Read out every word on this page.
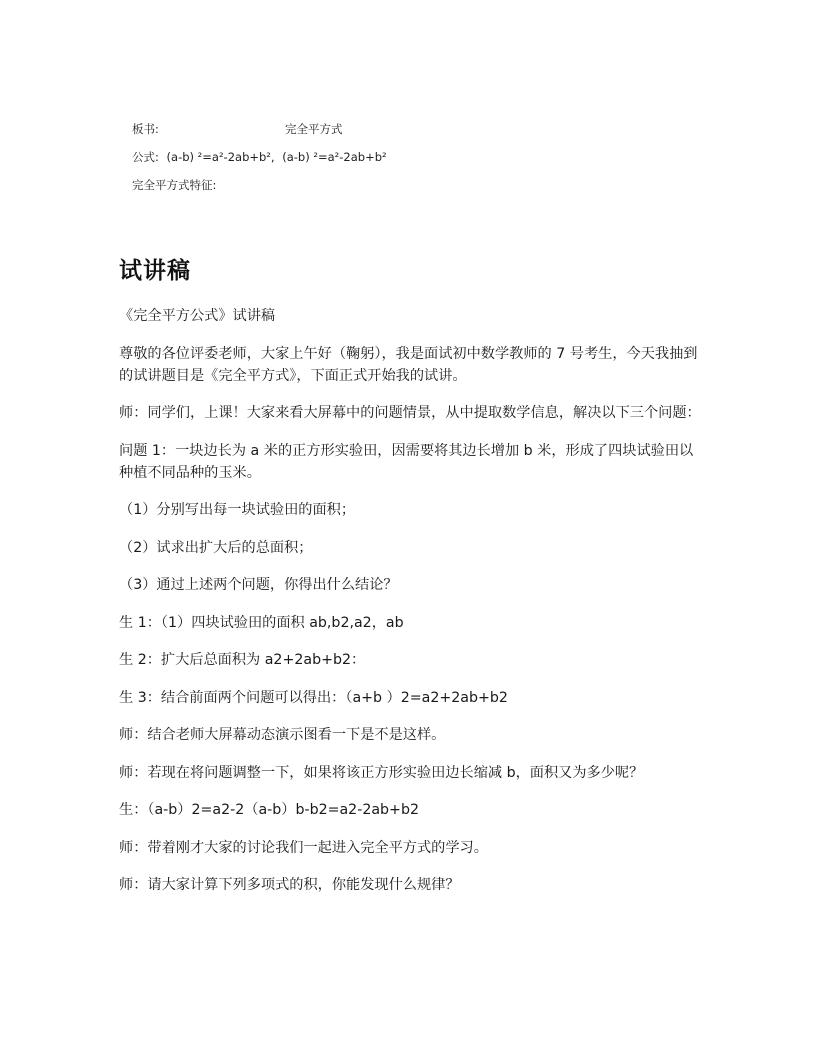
板书:	完全平方式
公式: (a-b) ²=a²-2ab+b², (a-b) ²=a²-2ab+b²
完全平方式特征:
试讲稿

《完全平方公式》试讲稿

尊敬的各位评委老师，大家上午好（鞠躬），我是面试初中数学教师的 7 号考生，今天我抽到的试讲题目是《完全平方式》，下面正式开始我的试讲。

师：同学们，上课！大家来看大屏幕中的问题情景，从中提取数学信息，解决以下三个问题：

问题 1：一块边长为 a 米的正方形实验田，因需要将其边长增加 b 米，形成了四块试验田以种植不同品种的玉米。

（1）分别写出每一块试验田的面积；

（2）试求出扩大后的总面积；

（3）通过上述两个问题，你得出什么结论？

生 1：（1）四块试验田的面积 ab,b2,a2，ab

生 2：扩大后总面积为 a2+2ab+b2：

生 3：结合前面两个问题可以得出：（a+b ）2=a2+2ab+b2

师：结合老师大屏幕动态演示图看一下是不是这样。

师：若现在将问题调整一下，如果将该正方形实验田边长缩减 b，面积又为多少呢？

生：（a-b）2=a2-2（a-b）b-b2=a2-2ab+b2

师：带着刚才大家的讨论我们一起进入完全平方式的学习。

师：请大家计算下列多项式的积，你能发现什么规律？
